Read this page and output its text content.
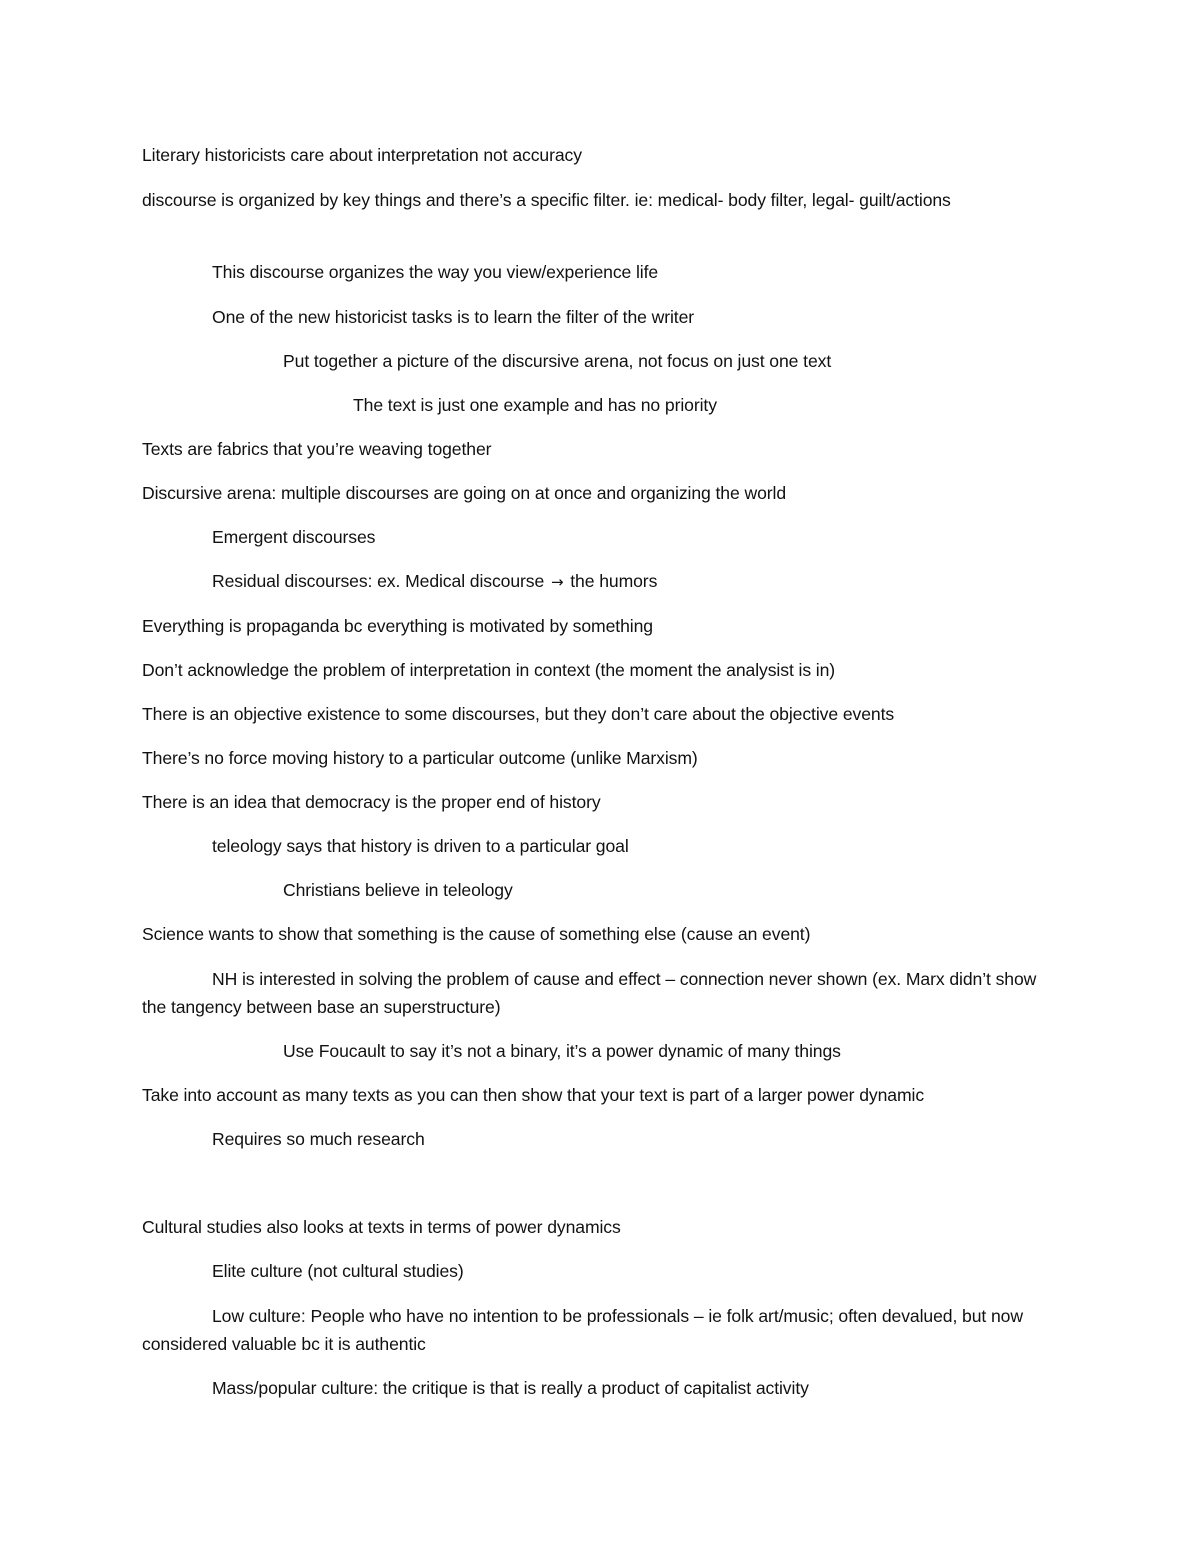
Literary historicists care about interpretation not accuracy
discourse is organized by key things and there’s a specific filter. ie: medical- body filter, legal- guilt/actions
This discourse organizes the way you view/experience life
One of the new historicist tasks is to learn the filter of the writer
Put together a picture of the discursive arena, not focus on just one text
The text is just one example and has no priority
Texts are fabrics that you’re weaving together
Discursive arena: multiple discourses are going on at once and organizing the world
Emergent discourses
Residual discourses: ex. Medical discourse → the humors
Everything is propaganda bc everything is motivated by something
Don’t acknowledge the problem of interpretation in context (the moment the analysist is in)
There is an objective existence to some discourses, but they don’t care about the objective events
There’s no force moving history to a particular outcome (unlike Marxism)
There is an idea that democracy is the proper end of history
teleology says that history is driven to a particular goal
Christians believe in teleology
Science wants to show that something is the cause of something else (cause an event)
NH is interested in solving the problem of cause and effect – connection never shown (ex. Marx didn’t show the tangency between base an superstructure)
Use Foucault to say it’s not a binary, it’s a power dynamic of many things
Take into account as many texts as you can then show that your text is part of a larger power dynamic
Requires so much research
Cultural studies also looks at texts in terms of power dynamics
Elite culture (not cultural studies)
Low culture: People who have no intention to be professionals – ie folk art/music; often devalued, but now considered valuable bc it is authentic
Mass/popular culture: the critique is that is really a product of capitalist activity
